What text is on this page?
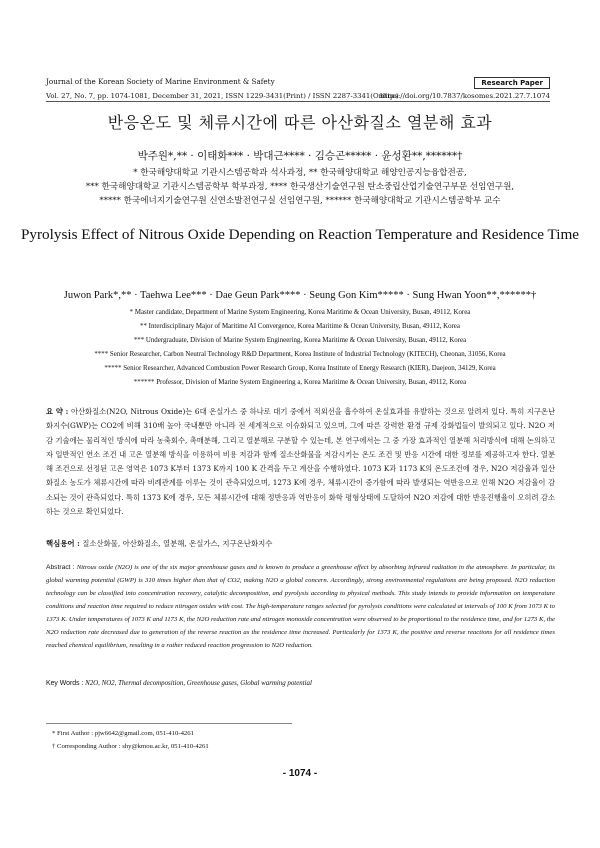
Journal of the Korean Society of Marine Environment & Safety	Research Paper
Vol. 27, No. 7, pp. 1074-1081, December 31, 2021, ISSN 1229-3431(Print) / ISSN 2287-3341(Online)
https://doi.org/10.7837/kosomes.2021.27.7.1074
반응온도 및 체류시간에 따른 아산화질소 열분해 효과
박주원*,** · 이태화*** · 박대근**** · 김승곤***** · 윤성환**,******†
* 한국해양대학교 기관시스템공학과 석사과정, ** 한국해양대학교 해양인공지능융합전공,
*** 한국해양대학교 기관시스템공학부 학부과정, **** 한국생산기술연구원 탄소중립산업기술연구부문 선임연구원,
***** 한국에너지기술연구원 신연소발전연구실 선임연구원, ****** 한국해양대학교 기관시스템공학부 교수
Pyrolysis Effect of Nitrous Oxide Depending on Reaction Temperature and Residence Time
Juwon Park*,** · Taehwa Lee*** · Dae Geun Park**** · Seung Gon Kim***** · Sung Hwan Yoon**,******†
* Master candidate, Department of Marine System Engineering, Korea Maritime & Ocean University, Busan, 49112, Korea
** Interdisciplinary Major of Maritime AI Convergence, Korea Maritime & Ocean University, Busan, 49112, Korea
*** Undergraduate, Division of Marine System Engineering, Korea Maritime & Ocean University, Busan, 49112, Korea
**** Senior Researcher, Carbon Neutral Technology R&D Department, Korea Institute of Industrial Technology (KITECH), Cheonan, 31056, Korea
***** Senior Researcher, Advanced Combustion Power Research Group, Korea Institute of Energy Research (KIER), Daejeon, 34129, Korea
****** Professor, Division of Marine System Engineering a, Korea Maritime & Ocean University, Busan, 49112, Korea
요 약 : 아산화질소(N2O, Nitrous Oxide)는 6대 온실가스 중 하나로 대기 중에서 적외선을 흡수하여 온실효과를 유발하는 것으로 알려져 있다. 특히 지구온난화지수(GWP)는 CO2에 비해 310배 높아 국내뿐만 아니라 전 세계적으로 이슈화되고 있으며, 그에 따른 강력한 환경 규제 강화법들이 발의되고 있다. N2O 저감 기술에는 물리적인 방식에 따라 농축회수, 촉매분해, 그리고 열분해로 구분할 수 있는데, 본 연구에서는 그 중 가장 효과적인 열분해 처리방식에 대해 논의하고자 일반적인 연소 조건 내 고온 열분해 방식을 이용하여 비용 저감과 함께 질소산화물을 저감시키는 온도 조건 및 반응 시간에 대한 정보를 제공하고자 한다. 열분해 조건으로 선정된 고온 영역은 1073 K부터 1373 K까지 100 K 간격을 두고 계산을 수행하였다. 1073 K과 1173 K의 온도조건에 경우, N2O 저감율과 일산화질소 농도가 체류시간에 따라 비례관계를 이루는 것이 관측되었으며, 1273 K에 경우, 체류시간이 증가함에 따라 발생되는 역반응으로 인해 N2O 저감율이 감소되는 것이 관측되었다. 특히 1373 K에 경우, 모든 체류시간에 대해 정반응과 역반응이 화학 평형상태에 도달하여 N2O 저감에 대한 반응진행율이 오히려 감소하는 것으로 확인되었다.
핵심용어 : 질소산화물, 아산화질소, 열분해, 온실가스, 지구온난화지수
Abstract : Nitrous oxide (N2O) is one of the six major greenhouse gases and is known to produce a greenhouse effect by absorbing infrared radiation in the atmosphere. In particular, its global warming potential (GWP) is 310 times higher than that of CO2, making N2O a global concern. Accordingly, strong environmental regulations are being proposed. N2O reduction technology can be classified into concentration recovery, catalytic decomposition, and pyrolysis according to physical methods. This study intends to provide information on temperature conditions and reaction time required to reduce nitrogen oxides with cost. The high-temperature ranges selected for pyrolysis conditions were calculated at intervals of 100 K from 1073 K to 1373 K. Under temperatures of 1073 K and 1173 K, the N2O reduction rate and nitrogen monoxide concentration were observed to be proportional to the residence time, and for 1273 K, the N2O reduction rate decreased due to generation of the reverse reaction as the residence time increased. Particularly for 1373 K, the positive and reverse reactions for all residence times reached chemical equilibrium, resulting in a rather reduced reaction progression to N2O reduction.
Key Words : N2O, NO2, Thermal decomposition, Greenhouse gases, Global warming potential
* First Author : pjw6642@gmail.com, 051-410-4261
† Corresponding Author : shy@kmou.ac.kr, 051-410-4261
- 1074 -
